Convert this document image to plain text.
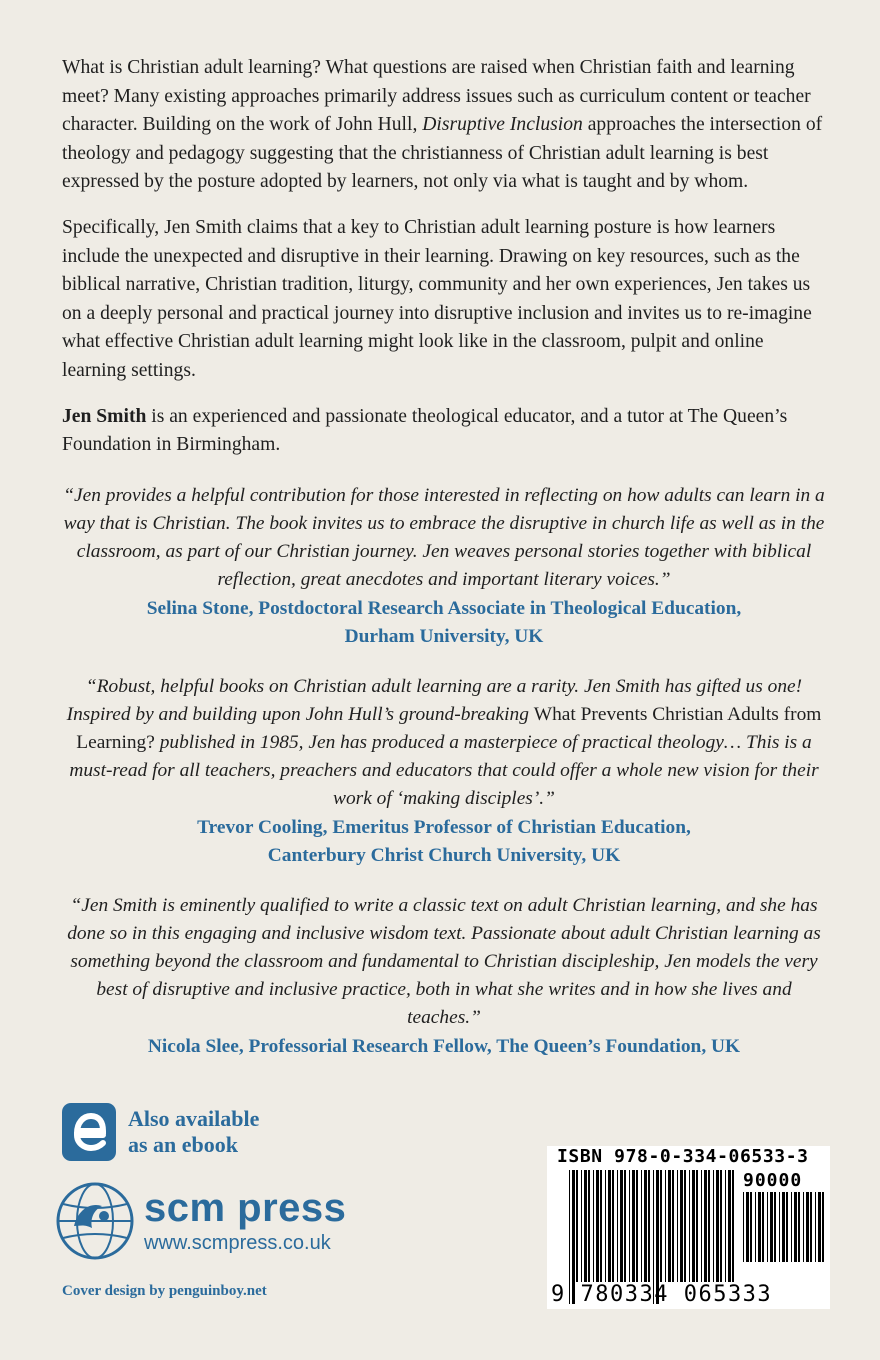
What is Christian adult learning? What questions are raised when Christian faith and learning meet? Many existing approaches primarily address issues such as curriculum content or teacher character. Building on the work of John Hull, Disruptive Inclusion approaches the intersection of theology and pedagogy suggesting that the christianness of Christian adult learning is best expressed by the posture adopted by learners, not only via what is taught and by whom.

Specifically, Jen Smith claims that a key to Christian adult learning posture is how learners include the unexpected and disruptive in their learning. Drawing on key resources, such as the biblical narrative, Christian tradition, liturgy, community and her own experiences, Jen takes us on a deeply personal and practical journey into disruptive inclusion and invites us to re-imagine what effective Christian adult learning might look like in the classroom, pulpit and online learning settings.

Jen Smith is an experienced and passionate theological educator, and a tutor at The Queen’s Foundation in Birmingham.

“Jen provides a helpful contribution for those interested in reflecting on how adults can learn in a way that is Christian. The book invites us to embrace the disruptive in church life as well as in the classroom, as part of our Christian journey. Jen weaves personal stories together with biblical reflection, great anecdotes and important literary voices.”

Selina Stone, Postdoctoral Research Associate in Theological Education,

Durham University, UK

“Robust, helpful books on Christian adult learning are a rarity. Jen Smith has gifted us one! Inspired by and building upon John Hull’s ground-breaking What Prevents Christian Adults from Learning? published in 1985, Jen has produced a masterpiece of practical theology… This is a must-read for all teachers, preachers and educators that could offer a whole new vision for their work of ‘making disciples’.”

Trevor Cooling, Emeritus Professor of Christian Education,

Canterbury Christ Church University, UK

“Jen Smith is eminently qualified to write a classic text on adult Christian learning, and she has done so in this engaging and inclusive wisdom text. Passionate about adult Christian learning as something beyond the classroom and fundamental to Christian discipleship, Jen models the very best of disruptive and inclusive practice, both in what she writes and in how she lives and teaches.”

Nicola Slee, Professorial Research Fellow, The Queen’s Foundation, UK

Also available
as an ebook
scm press
www.scmpress.co.uk
Cover design by penguinboy.net
ISBN 978-0-334-06533-3
90000
9 780334 065333
